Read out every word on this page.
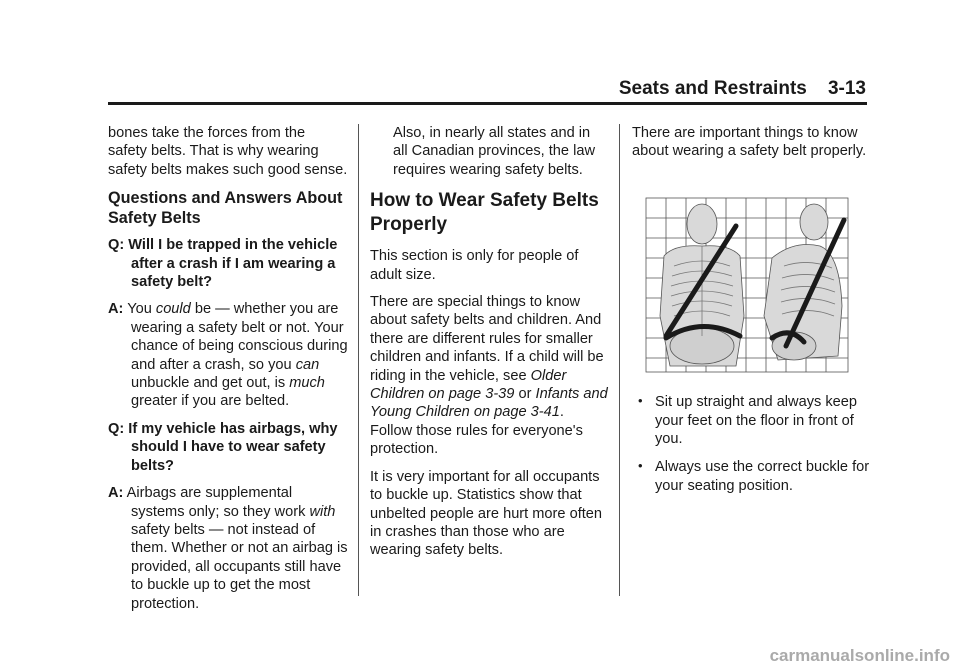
Seats and Restraints 3-13

bones take the forces from the safety belts. That is why wearing safety belts makes such good sense.

Questions and Answers About Safety Belts

Q: Will I be trapped in the vehicle after a crash if I am wearing a safety belt?

A: You could be — whether you are wearing a safety belt or not. Your chance of being conscious during and after a crash, so you can unbuckle and get out, is much greater if you are belted.

Q: If my vehicle has airbags, why should I have to wear safety belts?

A: Airbags are supplemental systems only; so they work with safety belts — not instead of them. Whether or not an airbag is provided, all occupants still have to buckle up to get the most protection.

Also, in nearly all states and in all Canadian provinces, the law requires wearing safety belts.

How to Wear Safety Belts Properly

This section is only for people of adult size.

There are special things to know about safety belts and children. And there are different rules for smaller children and infants. If a child will be riding in the vehicle, see Older Children on page 3-39 or Infants and Young Children on page 3-41. Follow those rules for everyone's protection.

It is very important for all occupants to buckle up. Statistics show that unbelted people are hurt more often in crashes than those who are wearing safety belts.

There are important things to know about wearing a safety belt properly.

• Sit up straight and always keep your feet on the floor in front of you.
• Always use the correct buckle for your seating position.
carmanualsonline.info
